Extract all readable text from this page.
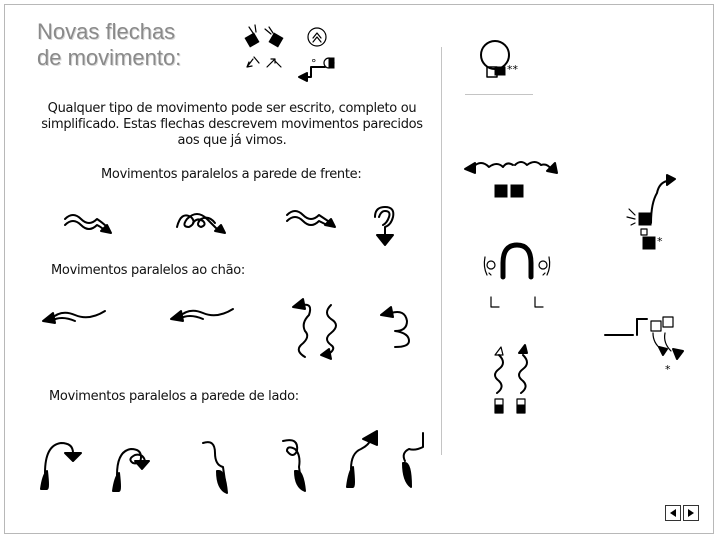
Novas flechas
de movimento:	°
Qualquer tipo de movimento pode ser escrito, completo ou simplificado. Estas flechas descrevem movimentos parecidos aos que já vimos.
Movimentos paralelos a parede de frente:
Movimentos paralelos ao chão:
Movimentos paralelos a parede de lado:
**
*
*
